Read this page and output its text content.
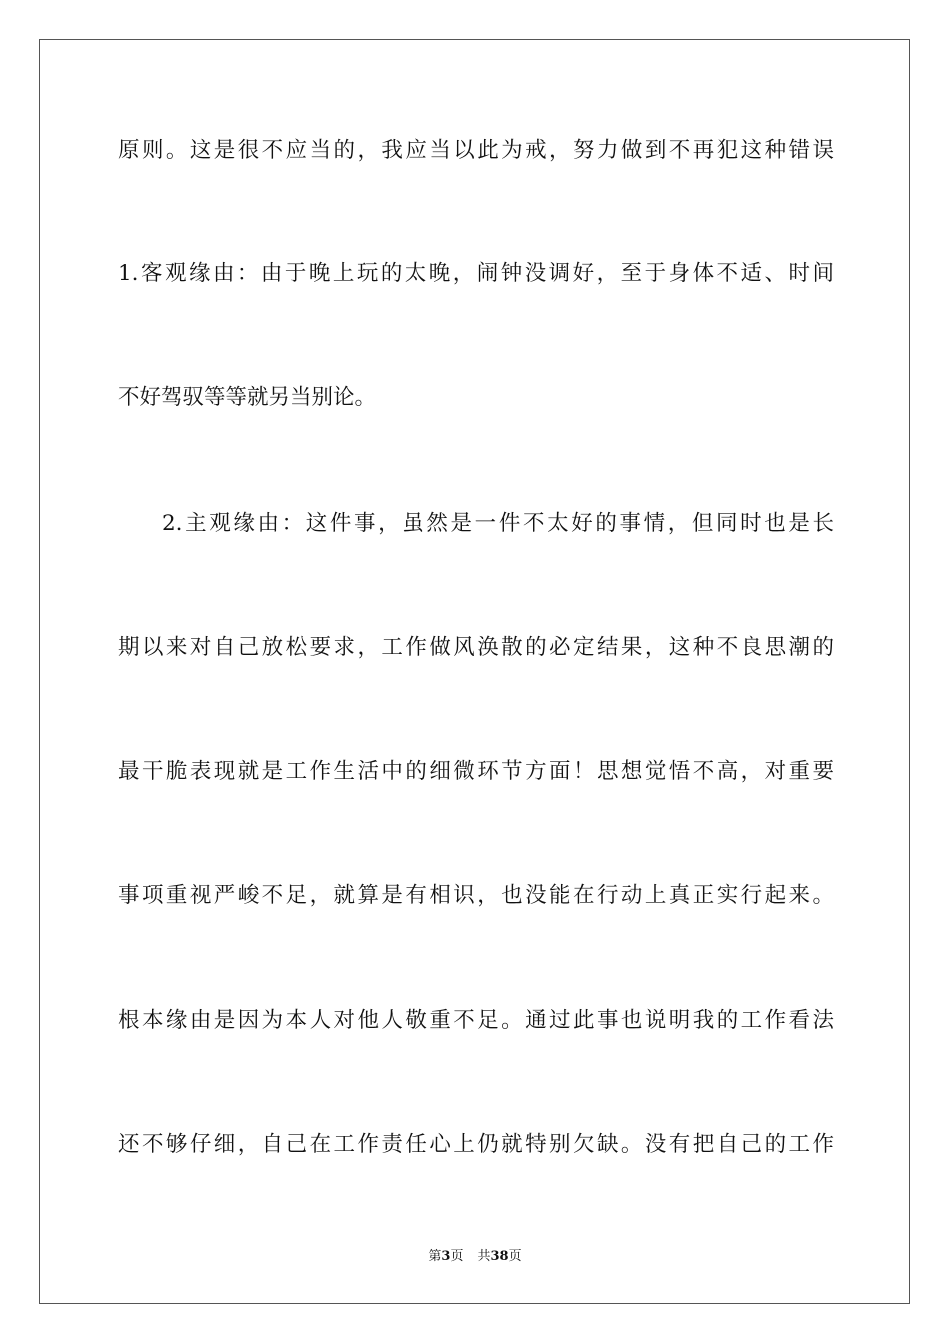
原则。这是很不应当的，我应当以此为戒，努力做到不再犯这种错误
1.客观缘由：由于晚上玩的太晚，闹钟没调好，至于身体不适、时间
不好驾驭等等就另当别论。
2.主观缘由：这件事，虽然是一件不太好的事情，但同时也是长
期以来对自己放松要求，工作做风涣散的必定结果，这种不良思潮的
最干脆表现就是工作生活中的细微环节方面！思想觉悟不高，对重要
事项重视严峻不足，就算是有相识，也没能在行动上真正实行起来。
根本缘由是因为本人对他人敬重不足。通过此事也说明我的工作看法
还不够仔细，自己在工作责任心上仍就特别欠缺。没有把自己的工作
第3页 共38页
